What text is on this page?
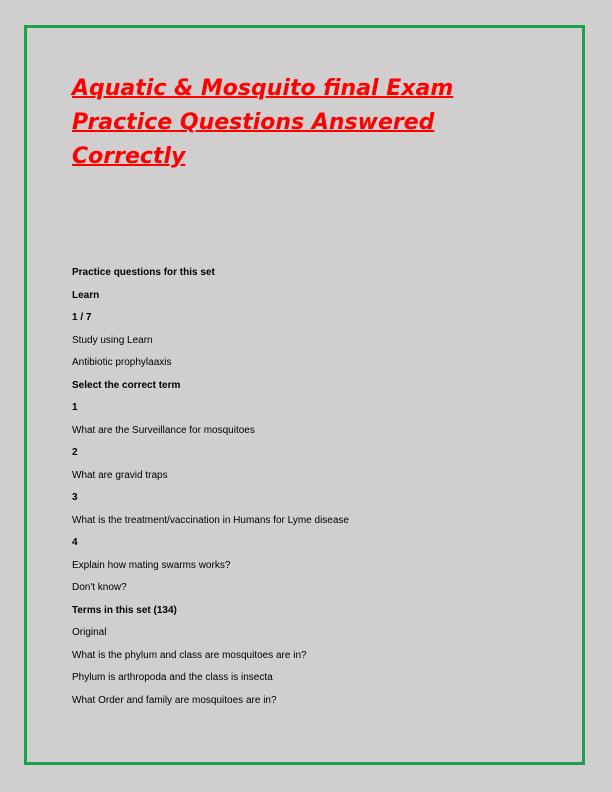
Aquatic & Mosquito final Exam
Practice Questions Answered
Correctly

Practice questions for this set

Learn

1 / 7

Study using Learn

Antibiotic prophylaaxis

Select the correct term

1

What are the Surveillance for mosquitoes

2

What are gravid traps

3

What is the treatment/vaccination in Humans for Lyme disease

4

Explain how mating swarms works?

Don't know?

Terms in this set (134)

Original

What is the phylum and class are mosquitoes are in?

Phylum is arthropoda and the class is insecta

What Order and family are mosquitoes are in?
